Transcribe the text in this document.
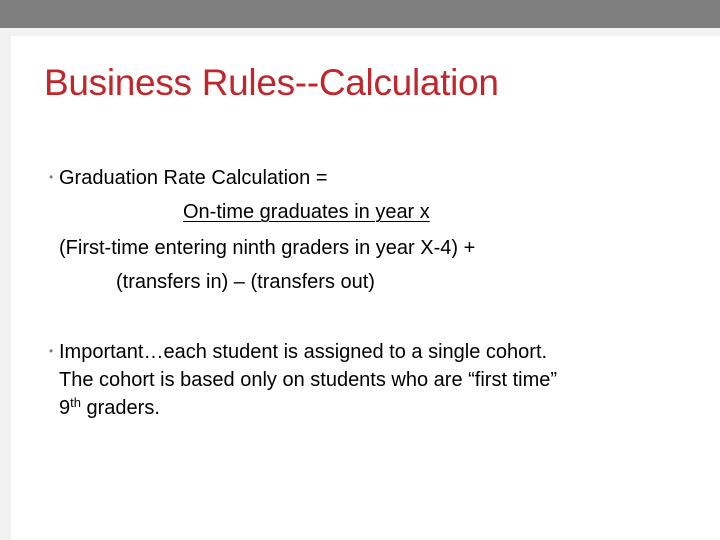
Business Rules--Calculation
• Graduation Rate Calculation =

On-time graduates in year x

(First-time entering ninth graders in year X-4) +

(transfers in) – (transfers out)

• Important…each student is assigned to a single cohort.

The cohort is based only on students who are “first time”

9th graders.
